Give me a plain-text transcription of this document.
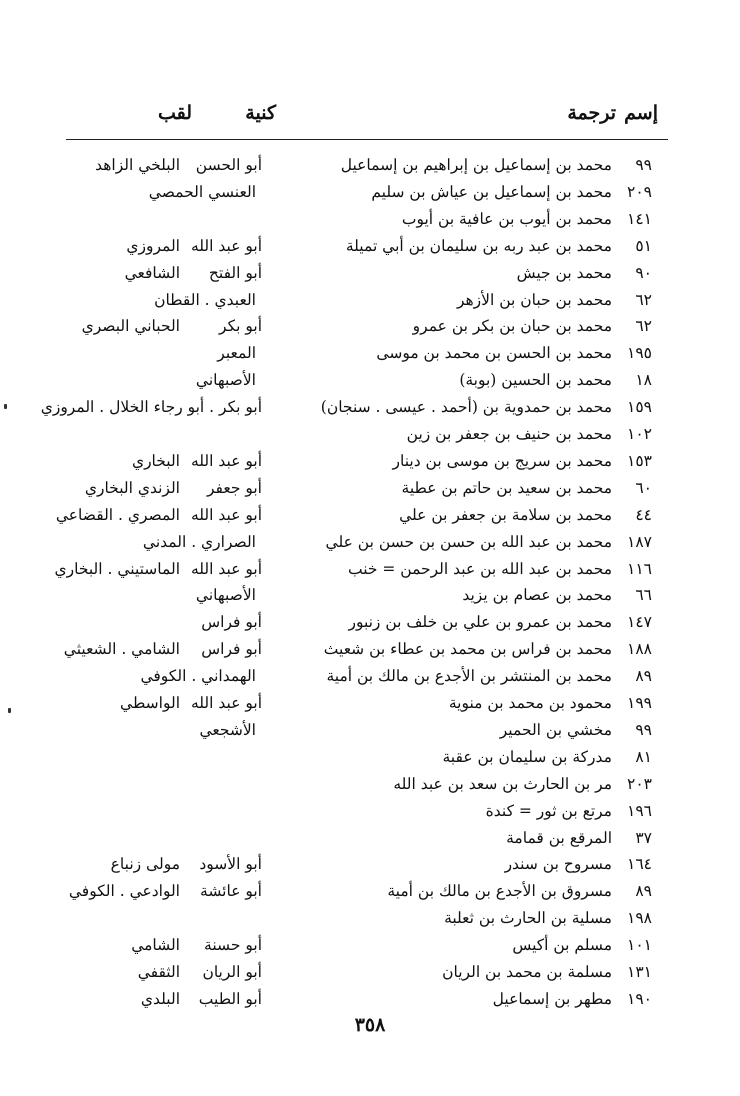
ترجمة إسم
كنية
لقب
٩٩
محمد بن إسماعيل بن إبراهيم بن إسماعيل
أبو الحسن
البلخي الزاهد
٢٠٩
محمد بن إسماعيل بن عياش بن سليم
العنسي الحمصي
١٤١
محمد بن أيوب بن عافية بن أيوب
٥١
محمد بن عبد ربه بن سليمان بن أبي تميلة
أبو عبد الله
المروزي
٩٠
محمد بن جيش
أبو الفتح
الشافعي
٦٢
محمد بن حبان بن الأزهر
العبدي . القطان
٦٢
محمد بن حبان بن بكر بن عمرو
أبو بكر
الحباني البصري
١٩٥
محمد بن الحسن بن محمد بن موسى
المعبر
١٨
محمد بن الحسين (بوبة)
الأصبهاني
١٥٩
محمد بن حمدوية بن (أحمد . عيسى . سنجان)
أبو بكر . أبو رجاء الخلال . المروزي
١٠٢
محمد بن حنيف بن جعفر بن زين
١٥٣
محمد بن سريج بن موسى بن دينار
أبو عبد الله
البخاري
٦٠
محمد بن سعيد بن حاتم بن عطية
أبو جعفر
الزندي البخاري
٤٤
محمد بن سلامة بن جعفر بن علي
أبو عبد الله
المصري . القضاعي
١٨٧
محمد بن عبد الله بن حسن بن حسن بن علي
الصراري . المدني
١١٦
محمد بن عبد الله بن عبد الرحمن = خنب
أبو عبد الله
الماستيني . البخاري
٦٦
محمد بن عصام بن يزيد
الأصبهاني
١٤٧
محمد بن عمرو بن علي بن خلف بن زنبور
أبو فراس
١٨٨
محمد بن فراس بن محمد بن عطاء بن شعيث
أبو فراس
الشامي . الشعيثي
٨٩
محمد بن المنتشر بن الأجدع بن مالك بن أمية
الهمداني . الكوفي
١٩٩
محمود بن محمد بن منوية
أبو عبد الله
الواسطي
٩٩
مخشي بن الحمير
الأشجعي
٨١
مدركة بن سليمان بن عقبة
٢٠٣
مر بن الحارث بن سعد بن عبد الله
١٩٦
مرتع بن ثور = كندة
٣٧
المرقع بن قمامة
١٦٤
مسروح بن سندر
أبو الأسود
مولى زنباع
٨٩
مسروق بن الأجدع بن مالك بن أمية
أبو عائشة
الوادعي . الكوفي
١٩٨
مسلية بن الحارث بن ثعلبة
١٠١
مسلم بن أكيس
أبو حسنة
الشامي
١٣١
مسلمة بن محمد بن الريان
أبو الريان
الثقفي
١٩٠
مطهر بن إسماعيل
أبو الطيب
البلدي
٣٥٨
